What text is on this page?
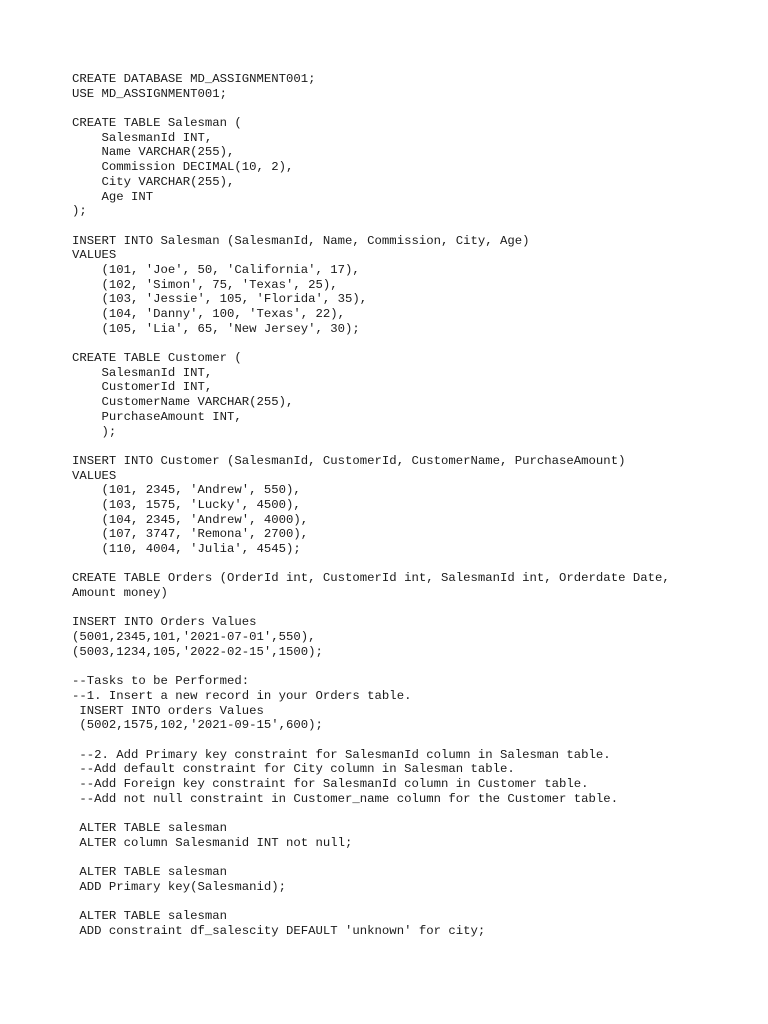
CREATE DATABASE MD_ASSIGNMENT001;
USE MD_ASSIGNMENT001;
CREATE TABLE Salesman (
SalesmanId INT,
Name VARCHAR(255),
Commission DECIMAL(10, 2),
City VARCHAR(255),
Age INT
);
INSERT INTO Salesman (SalesmanId, Name, Commission, City, Age)
VALUES
(101, 'Joe', 50, 'California', 17),
(102, 'Simon', 75, 'Texas', 25),
(103, 'Jessie', 105, 'Florida', 35),
(104, 'Danny', 100, 'Texas', 22),
(105, 'Lia', 65, 'New Jersey', 30);
CREATE TABLE Customer (
SalesmanId INT,
CustomerId INT,
CustomerName VARCHAR(255),
PurchaseAmount INT,
);
INSERT INTO Customer (SalesmanId, CustomerId, CustomerName, PurchaseAmount)
VALUES
(101, 2345, 'Andrew', 550),
(103, 1575, 'Lucky', 4500),
(104, 2345, 'Andrew', 4000),
(107, 3747, 'Remona', 2700),
(110, 4004, 'Julia', 4545);
CREATE TABLE Orders (OrderId int, CustomerId int, SalesmanId int, Orderdate Date,
Amount money)
INSERT INTO Orders Values
(5001,2345,101,'2021-07-01',550),
(5003,1234,105,'2022-02-15',1500);
--Tasks to be Performed:
--1. Insert a new record in your Orders table.
INSERT INTO orders Values
(5002,1575,102,'2021-09-15',600);
--2. Add Primary key constraint for SalesmanId column in Salesman table.
--Add default constraint for City column in Salesman table.
--Add Foreign key constraint for SalesmanId column in Customer table.
--Add not null constraint in Customer_name column for the Customer table.
ALTER TABLE salesman
ALTER column Salesmanid INT not null;
ALTER TABLE salesman
ADD Primary key(Salesmanid);
ALTER TABLE salesman
ADD constraint df_salescity DEFAULT 'unknown' for city;
